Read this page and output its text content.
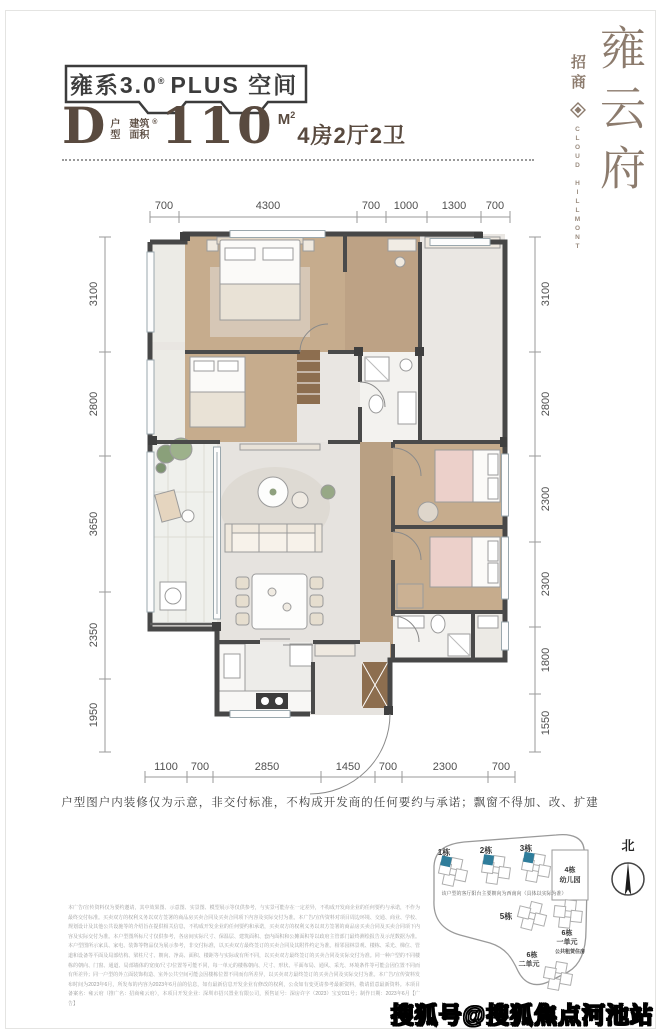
雍系3.0® PLUS 空间
D 户
型
建筑
面积
® 110 $M^2$
4房2厅2卫
招商
CLOUD HILLMONT 雍云府
700	4300	700 1000 1300 700
3100
2800
3650
2350
1950
3100
2800
2300
2300
1800
1550
1100 700	2850	1450 700	2300	700
户型图户内装修仅为示意，非交付标准，不构成开发商的任何要约与承诺；飘窗不得加、改、扩建
本广告/宣传资料仅为要约邀请，其中效果图、示意图、实景图、模型展示等仅供参考，与实景可能存在一定差异，不构成开发商企业的任何要约与承诺，不作为最终交付标准。买卖双方的权利义务以双方签署的商品房买卖合同及买卖合同项下内容及实际交付为准。本广告/宣传资料对项目周边环境、交通、商业、学校、规划设计及其他公共设施等的介绍旨在提供相关信息，不构成开发企业的任何要约和承诺，买卖双方的权利义务以双方签署的商品房买卖合同及买卖合同项下内容及实际交付为准。本户型图所标尺寸仅供参考，各房间实际尺寸、保温层、建筑面积、套内面积和公摊面积等以政府主管部门最终测绘报告及示范数据为准。本户型图所示家具、家电、装饰等物品仅为展示参考，非交付标准，以买卖双方最终签订的买卖合同及其附件约定为准。相邻园林景观、楼栋、采光、梯位、管道和设备等平面及局部结构、梁柱尺寸、朝向、净高、面积、楼距等与实际或有所不同，以买卖双方最终签订的买卖合同及实际交付为准。同一种户型的不同楼栋的朝向、门窗、通道、局部墙体的宽度/尺寸/位置等可能不同，每一单元的楼栋朝向、尺寸、形状、平面布局、通风、采光、环境条件等可能会因位置不同而有所差异；同一户型的外立面装饰构造、室外公共空间可能会因楼栋位置不同而有所差异，以买卖双方最终签订的买卖合同及实际交付为准。本广告/宣传资料发布时间为2023年6月，所发布的内容为2023年6月前的信息，如有最新信息开发企业有修改的权利，公众如有变更请参考最新资料，敬请留意最新资料。本项目备案名：雍云府（推广名：招商雍云府），本项目开发企业：深圳市招兴置业有限公司，预售证号：深房许字（2023）宝安011号；制作日期：2023年6月【广告】
1栋	2栋	3栋
4栋
幼儿园
该户型的客厅阳台主要朝向为西南向（具体以实际为准）
5栋
6栋
一单元
公共租赁住房
6栋
二单元
北
搜狐号@搜狐焦点河池站
